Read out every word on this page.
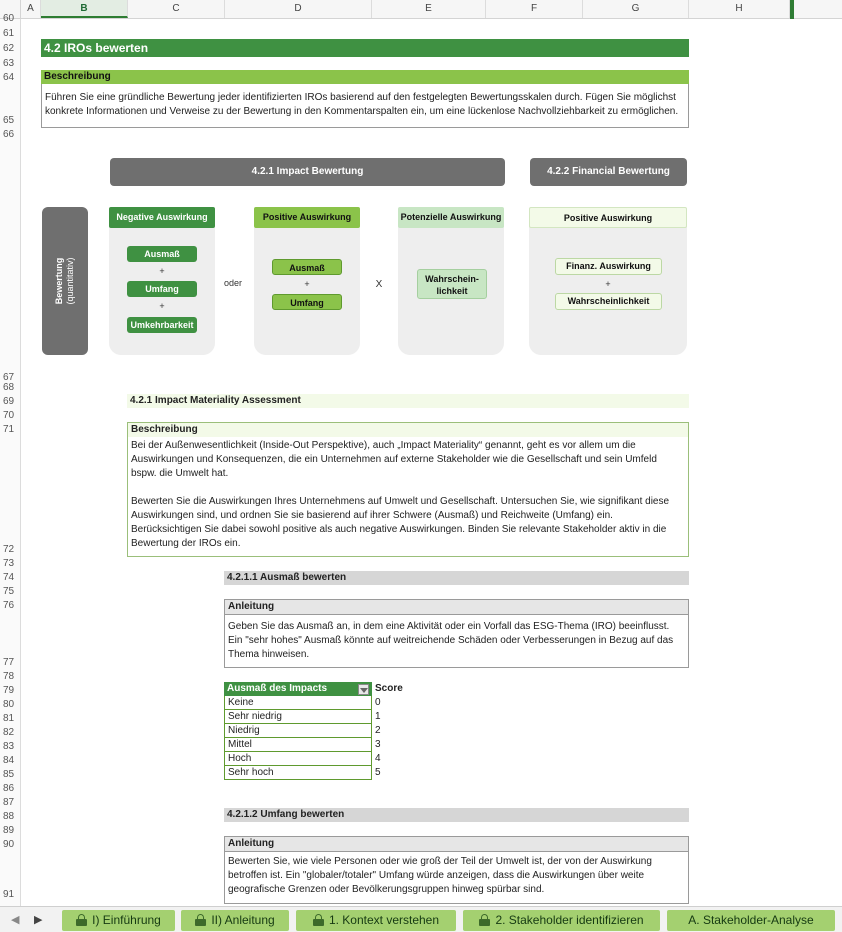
A	B	C	D	E	F	G	H
60
61
62
63
64
65
66
67
68
69
70
71
72
73
74
75
76
77
78
79
80
81
82
83
84
85
86
87
88
89
90
91
4.2 IROs bewerten
Beschreibung
Führen Sie eine gründliche Bewertung jeder identifizierten IROs basierend auf den festgelegten Bewertungsskalen durch. Fügen Sie möglichst konkrete Informationen und Verweise zu der Bewertung in den Kommentarspalten ein, um eine lückenlose Nachvollziehbarkeit zu ermöglichen.
4.2.1 Impact Bewertung	4.2.2 Financial Bewertung
Bewertung (quantitativ)
Negative Auswirkung
Ausmaß
+
Umfang
+
Umkehrbarkeit
oder
Positive Auswirkung
Ausmaß
+
Umfang
X
Potenzielle Auswirkung
Wahrschein-
lichkeit
Positive Auswirkung
Finanz. Auswirkung
+
Wahrscheinlichkeit
4.2.1 Impact Materiality Assessment
Beschreibung
Bei der Außenwesentlichkeit (Inside-Out Perspektive), auch „Impact Materiality“ genannt, geht es vor allem um die Auswirkungen und Konsequenzen, die ein Unternehmen auf externe Stakeholder wie die Gesellschaft und sein Umfeld bspw. die Umwelt hat.
Bewerten Sie die Auswirkungen Ihres Unternehmens auf Umwelt und Gesellschaft. Untersuchen Sie, wie signifikant diese Auswirkungen sind, und ordnen Sie sie basierend auf ihrer Schwere (Ausmaß) und Reichweite (Umfang) ein. Berücksichtigen Sie dabei sowohl positive als auch negative Auswirkungen. Binden Sie relevante Stakeholder aktiv in die Bewertung der IROs ein.
4.2.1.1 Ausmaß bewerten
Anleitung
Geben Sie das Ausmaß an, in dem eine Aktivität oder ein Vorfall das ESG-Thema (IRO) beeinflusst. Ein "sehr hohes" Ausmaß könnte auf weitreichende Schäden oder Verbesserungen in Bezug auf das Thema hinweisen.
Ausmaß des Impacts	Score
Keine	0
Sehr niedrig	1
Niedrig	2
Mittel	3
Hoch	4
Sehr hoch	5
4.2.1.2 Umfang bewerten
Anleitung
Bewerten Sie, wie viele Personen oder wie groß der Teil der Umwelt ist, der von der Auswirkung betroffen ist. Ein "globaler/totaler" Umfang würde anzeigen, dass die Auswirkungen über weite geografische Grenzen oder Bevölkerungsgruppen hinweg spürbar sind.
◀ ▶	I) Einführung	II) Anleitung	1. Kontext verstehen	2. Stakeholder identifizieren	A. Stakeholder-Analyse
